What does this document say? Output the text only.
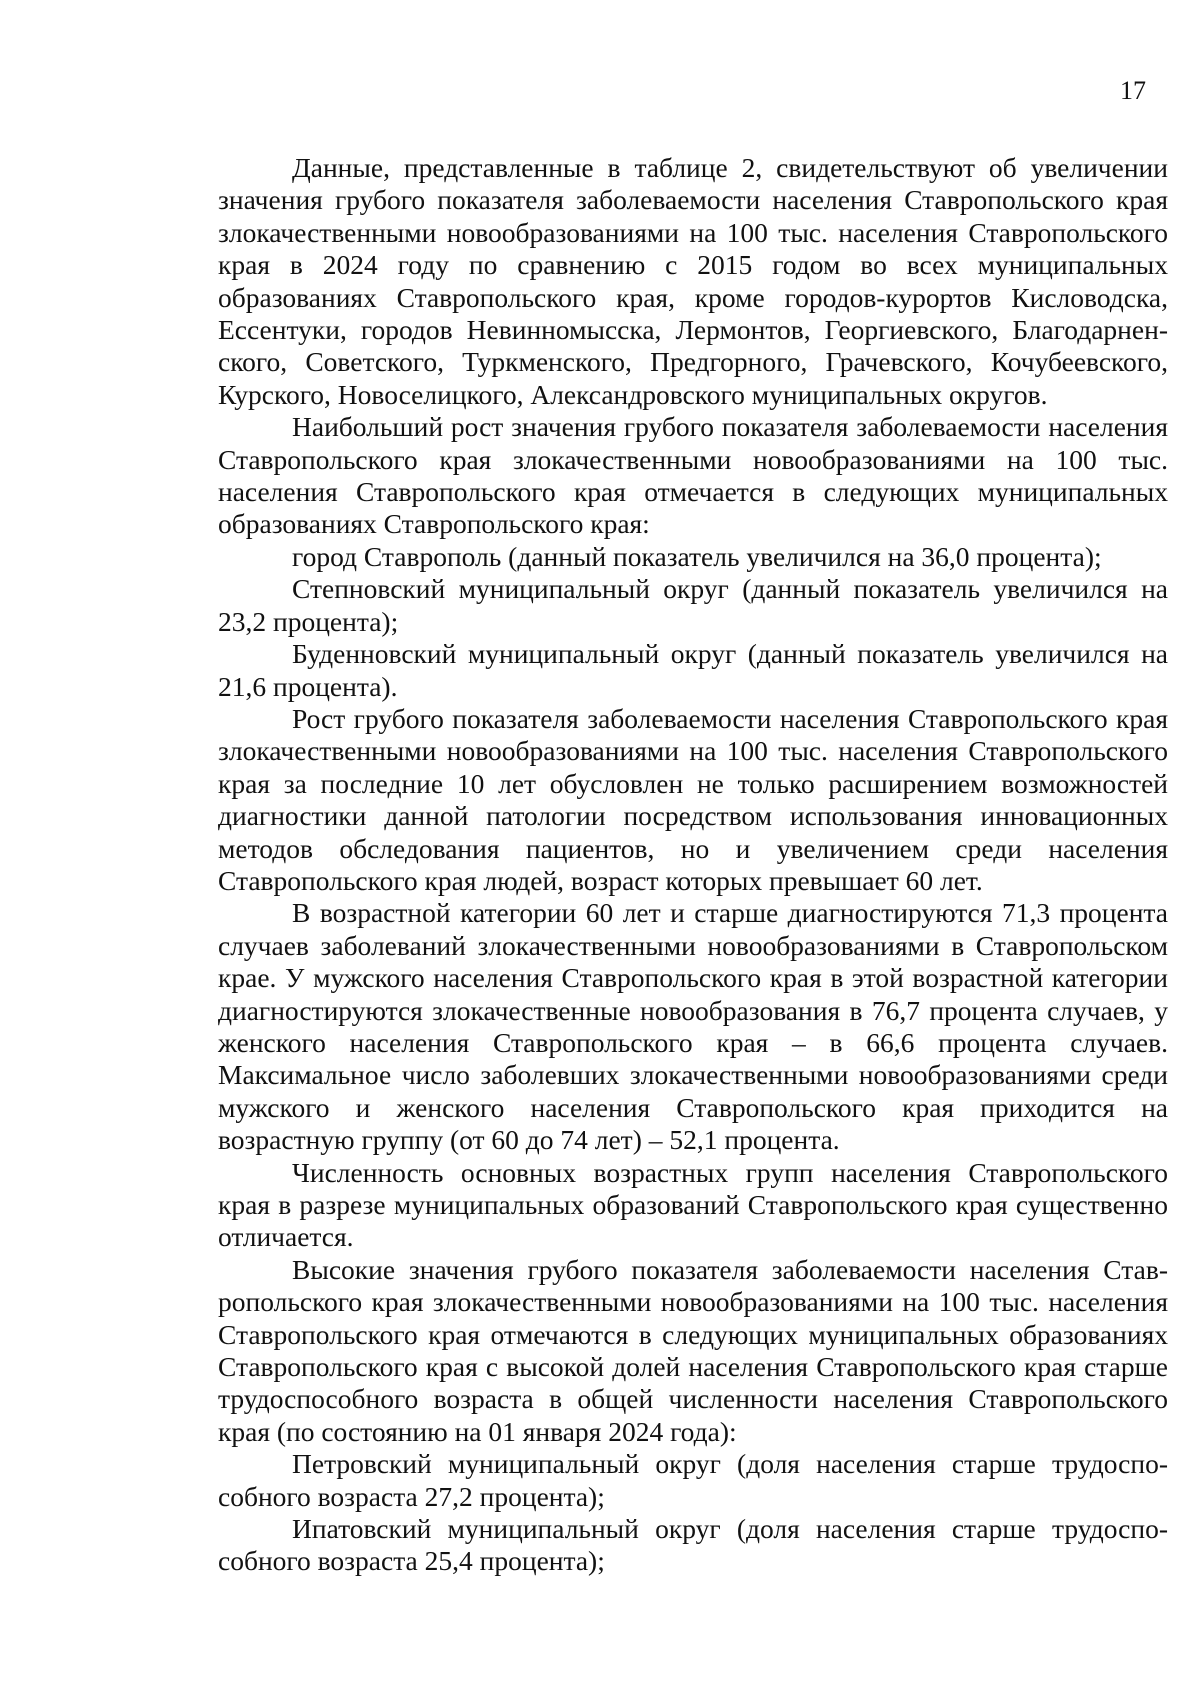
17

Данные, представленные в таблице 2, свидетельствуют об увеличении значения грубого показателя заболеваемости населения Ставропольского края злокачественными новообразованиями на 100 тыс. населения Ставропольского края в 2024 году по сравнению с 2015 годом во всех муниципальных образованиях Ставропольского края, кроме городов-курортов Кисловодска, Ессентуки, городов Невинномысска, Лермонтов, Георгиевского, Благодарненского, Советского, Туркменского, Предгорного, Грачевского, Кочубеевского, Курского, Новоселицкого, Александровского муниципальных округов.

Наибольший рост значения грубого показателя заболеваемости населения Ставропольского края злокачественными новообразованиями на 100 тыс. населения Ставропольского края отмечается в следующих муниципальных образованиях Ставропольского края:

город Ставрополь (данный показатель увеличился на 36,0 процента);

Степновский муниципальный округ (данный показатель увеличился на 23,2 процента);

Буденновский муниципальный округ (данный показатель увеличился на 21,6 процента).

Рост грубого показателя заболеваемости населения Ставропольского края злокачественными новообразованиями на 100 тыс. населения Ставропольского края за последние 10 лет обусловлен не только расширением возможностей диагностики данной патологии посредством использования инновационных методов обследования пациентов, но и увеличением среди населения Ставропольского края людей, возраст которых превышает 60 лет.

В возрастной категории 60 лет и старше диагностируются 71,3 процента случаев заболеваний злокачественными новообразованиями в Ставропольском крае. У мужского населения Ставропольского края в этой возрастной категории диагностируются злокачественные новообразования в 76,7 процента случаев, у женского населения Ставропольского края – в 66,6 процента случаев. Максимальное число заболевших злокачественными новообразованиями среди мужского и женского населения Ставропольского края приходится на возрастную группу (от 60 до 74 лет) – 52,1 процента.

Численность основных возрастных групп населения Ставропольского края в разрезе муниципальных образований Ставропольского края существенно отличается.

Высокие значения грубого показателя заболеваемости населения Ставропольского края злокачественными новообразованиями на 100 тыс. населения Ставропольского края отмечаются в следующих муниципальных образованиях Ставропольского края с высокой долей населения Ставропольского края старше трудоспособного возраста в общей численности населения Ставропольского края (по состоянию на 01 января 2024 года):

Петровский муниципальный округ (доля населения старше трудоспособного возраста 27,2 процента);

Ипатовский муниципальный округ (доля населения старше трудоспособного возраста 25,4 процента);
